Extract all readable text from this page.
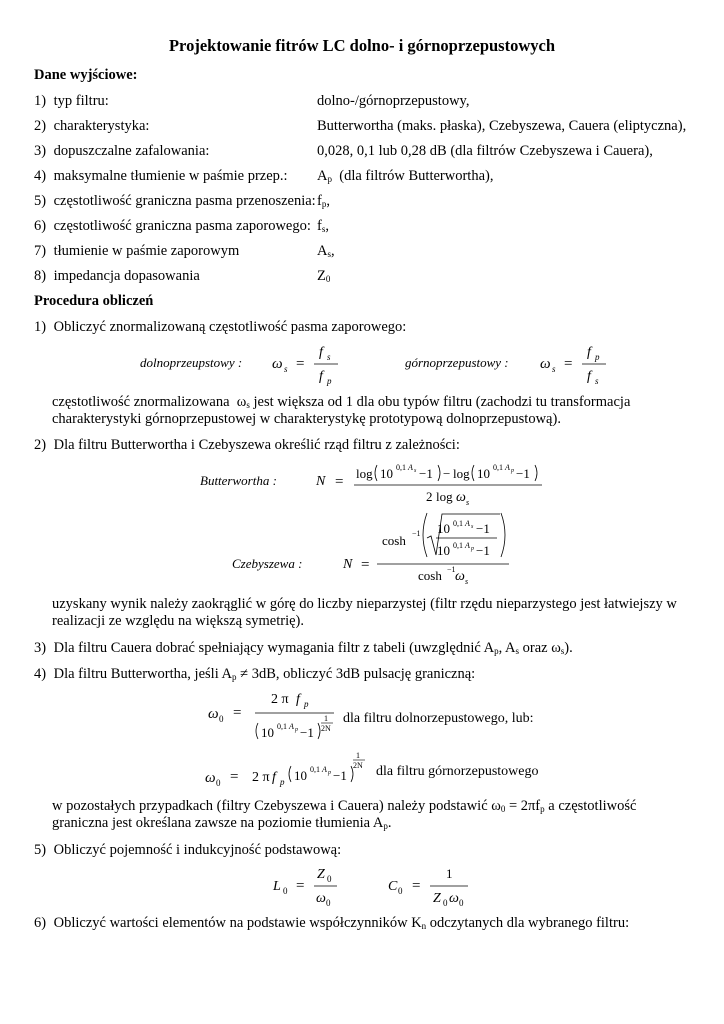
Projektowanie fitrów LC dolno- i górnoprzepustowych
Dane wyjściowe:
1) typ filtru:	dolno-/górnoprzepustowy,
2) charakterystyka:	Butterwortha (maks. płaska), Czebyszewa, Cauera (eliptyczna),
3) dopuszczalne zafalowania:	0,028, 0,1 lub 0,28 dB (dla filtrów Czebyszewa i Cauera),
4) maksymalne tłumienie w paśmie przep.: $A_p$  (dla filtrów Butterwortha),
5) częstotliwość graniczna pasma przenoszenia: $f_p$,
6) częstotliwość graniczna pasma zaporowego: $f_s$,
7) tłumienie w paśmie zaporowym	$A_s$,
8) impedancja dopasowania	$Z_0$
Procedura obliczeń
1) Obliczyć znormalizowaną częstotliwość pasma zaporowego:
dolnoprzeupstowy : ω s =
f s
f p
górnoprzepustowy : ω s =
f p
f s
częstotliwość znormalizowana  $\omega_s$ jest większa od 1 dla obu typów filtru (zachodzi tu transformacja
charakterystyki górnoprzepustowej w charakterystykę prototypową dolnoprzepustową).
2) Dla filtru Butterwortha i Czebyszewa określić rząd filtru z zależności:
Butterwortha :	N =
log 10 0,1 A s −1 − log 10 0,1 A p −1
2 log ω s
Czebyszewa :	N =
cosh −1 10 0,1 A s −1
10 0,1 A p −1
cosh −1 ω s
uzyskany wynik należy zaokrąglić w górę do liczby nieparzystej (filtr rzędu nieparzystego jest łatwiejszy w
realizacji ze względu na większą symetrię).
3) Dla filtru Cauera dobrać spełniający wymagania filtr z tabeli (uwzględnić $A_p$, $A_s$ oraz $\omega_s$).
4) Dla filtru Butterwortha, jeśli $A_p \ne 3dB$, obliczyć 3dB pulsację graniczną:
ω 0 =
2 π f p
10 0,1 A p −1
1
2N
dla filtru dolnorzepustowego, lub:
ω 0 = 2 π f p 10 0,1 A p −1
1
2N dla filtru górnorzepustowego
w pozostałych przypadkach (filtry Czebyszewa i Cauera) należy podstawić $\omega_0 = 2\pi f_p$ a częstotliwość
graniczna jest określana zawsze na poziomie tłumienia $A_p$.
5) Obliczyć pojemność i indukcyjność podstawową:
L 0 =
Z 0
ω 0
C 0 =
1
Z 0 ω 0
6) Obliczyć wartości elementów na podstawie współczynników $K_n$ odczytanych dla wybranego filtru:
